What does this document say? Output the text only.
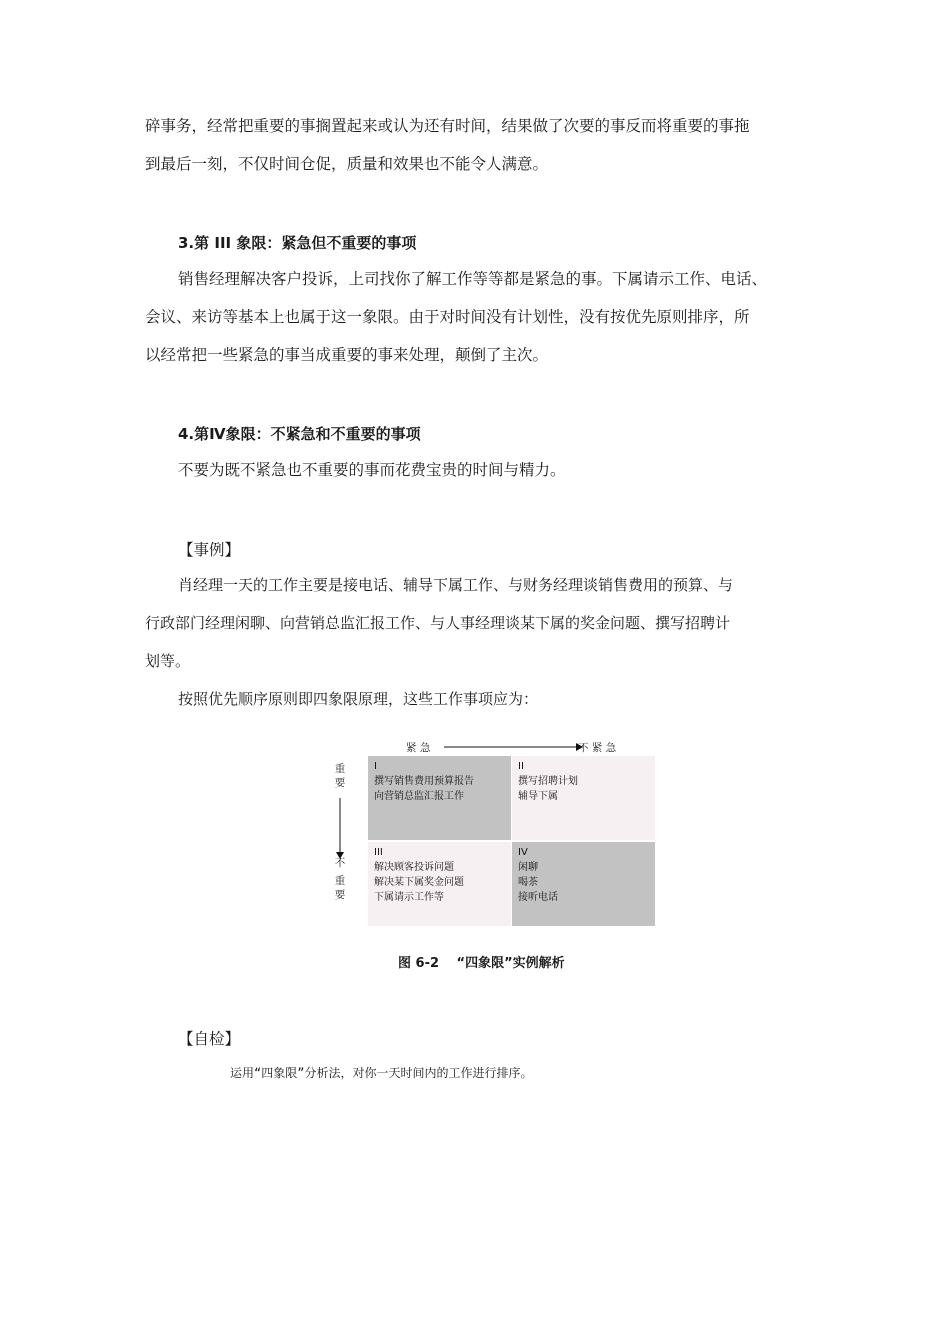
碎事务，经常把重要的事搁置起来或认为还有时间，结果做了次要的事反而将重要的事拖
到最后一刻，不仅时间仓促，质量和效果也不能令人满意。
3.第 III 象限：紧急但不重要的事项
销售经理解决客户投诉，上司找你了解工作等等都是紧急的事。下属请示工作、电话、
会议、来访等基本上也属于这一象限。由于对时间没有计划性，没有按优先原则排序，所
以经常把一些紧急的事当成重要的事来处理，颠倒了主次。
4.第Ⅳ象限：不紧急和不重要的事项
不要为既不紧急也不重要的事而花费宝贵的时间与精力。
【事例】
肖经理一天的工作主要是接电话、辅导下属工作、与财务经理谈销售费用的预算、与
行政部门经理闲聊、向营销总监汇报工作、与人事经理谈某下属的奖金问题、撰写招聘计
划等。
按照优先顺序原则即四象限原理，这些工作事项应为：
紧 急	不 紧 急
重
要
不
重
要
I
撰写销售费用预算报告
向营销总监汇报工作
II
撰写招聘计划
辅导下属
III
解决顾客投诉问题
解决某下属奖金问题
下属请示工作等
IV
闲聊
喝茶
接听电话
图 6-2　 “四象限”实例解析
【自检】
运用“四象限”分析法，对你一天时间内的工作进行排序。
